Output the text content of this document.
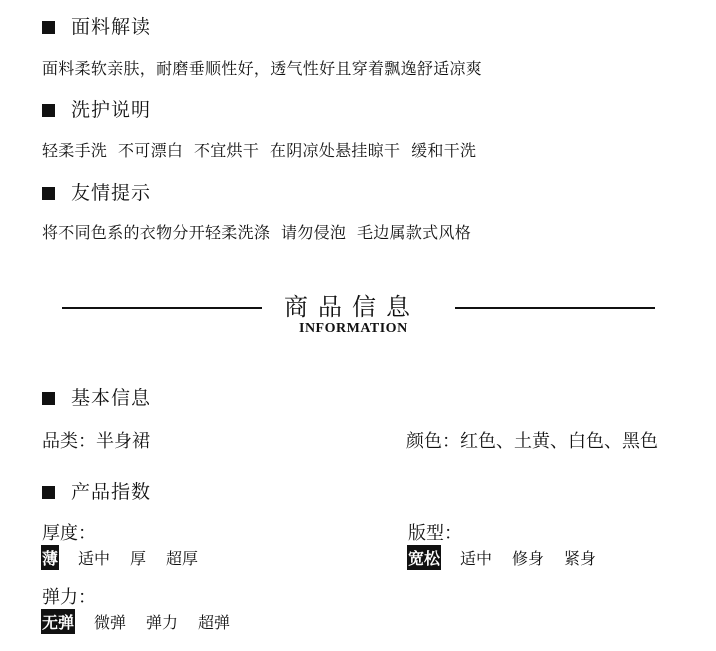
面料解读
面料柔软亲肤，耐磨垂顺性好，透气性好且穿着飘逸舒适凉爽
洗护说明
轻柔手洗  不可漂白  不宜烘干  在阴凉处悬挂晾干  缓和干洗
友情提示
将不同色系的衣物分开轻柔洗涤  请勿侵泡  毛边属款式风格
商品信息
INFORMATION
基本信息
品类：半身裙	颜色：红色、土黄、白色、黑色
产品指数
厚度：
薄 适中 厚 超厚
版型：
宽松 适中 修身 紧身
弹力：
无弹 微弹 弹力 超弹
